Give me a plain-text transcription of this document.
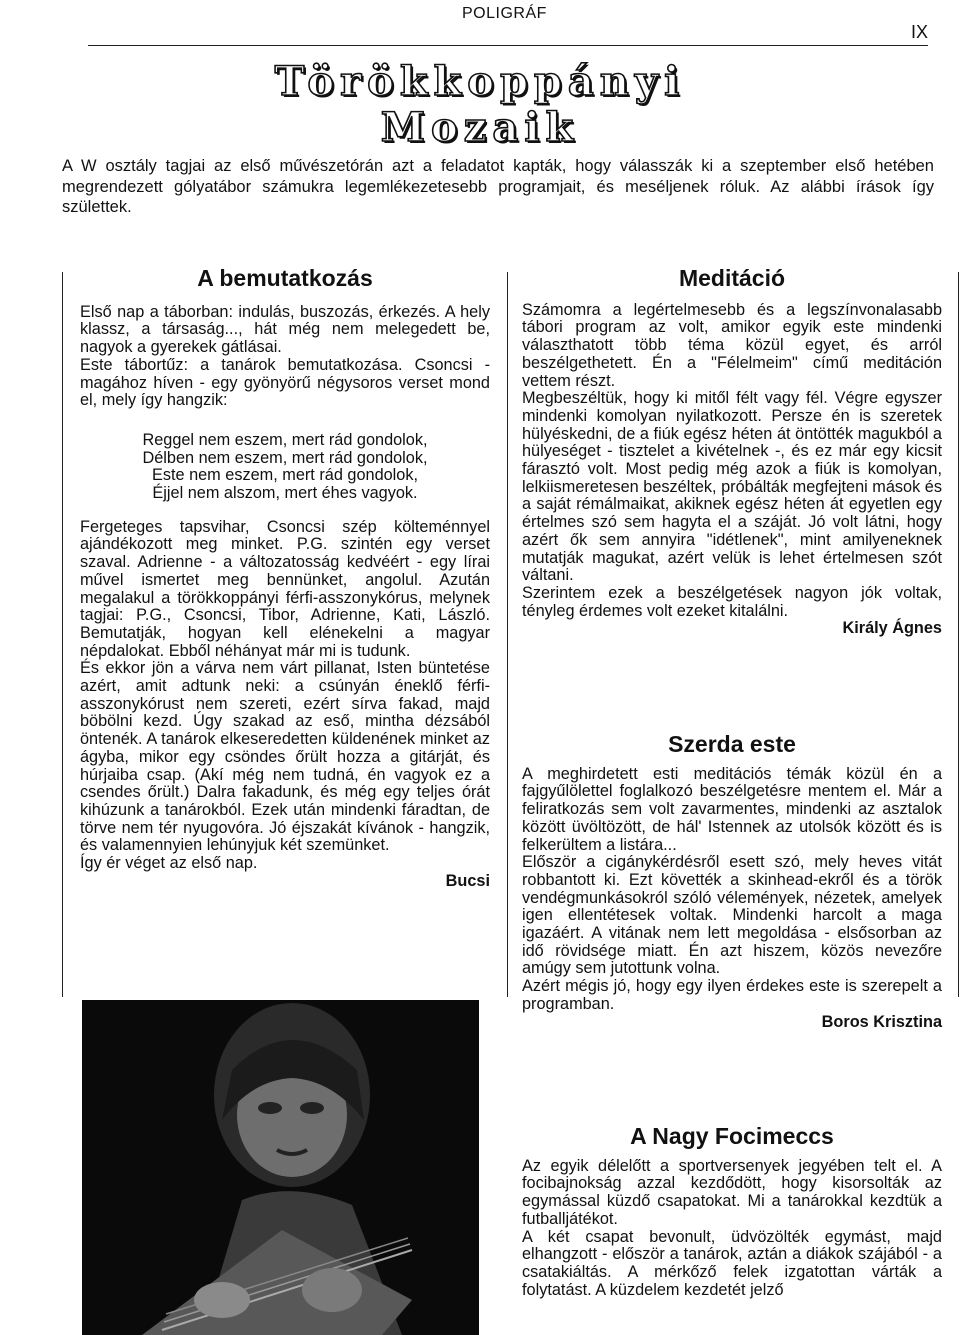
POLIGRÁF
IX
Törökkoppányi
Mozaik
A W osztály tagjai az első művészetórán azt a feladatot kapták, hogy válasszák ki a szeptember első hetében megrendezett gólyatábor számukra legemlékezetesebb programjait, és meséljenek róluk. Az alábbi írások így születtek.
A bemutatkozás

Első nap a táborban: indulás, buszozás, érkezés. A hely klassz, a társaság..., hát még nem melegedett be, nagyok a gyerekek gátlásai.

Este tábortűz: a tanárok bemutatkozása. Csoncsi - magához híven - egy gyönyörű négysoros verset mond el, mely így hangzik:

Reggel nem eszem, mert rád gondolok,

Délben nem eszem, mert rád gondolok,

Este nem eszem, mert rád gondolok,

Éjjel nem alszom, mert éhes vagyok.

Fergeteges tapsvihar, Csoncsi szép költeménnyel ajándékozott meg minket. P.G. szintén egy verset szaval. Adrienne - a változatosság kedvéért - egy lírai művel ismertet meg bennünket, angolul. Azután megalakul a törökkoppányi férfi-asszonykórus, melynek tagjai: P.G., Csoncsi, Tibor, Adrienne, Kati, László. Bemutatják, hogyan kell elénekelni a magyar népdalokat. Ebből néhányat már mi is tudunk.

És ekkor jön a várva nem várt pillanat, Isten büntetése azért, amit adtunk neki: a csúnyán éneklő férfi-asszonykórust nem szereti, ezért sírva fakad, majd böbölni kezd. Úgy szakad az eső, mintha dézsából öntenék. A tanárok elkeseredetten küldenének minket az ágyba, mikor egy csöndes őrült hozza a gitárját, és húrjaiba csap. (Akí még nem tudná, én vagyok ez a csendes őrült.) Dalra fakadunk, és még egy teljes órát kihúzunk a tanárokból. Ezek után mindenki fáradtan, de törve nem tér nyugovóra. Jó éjszakát kívánok - hangzik, és valamennyien lehúnyjuk két szemünket.

Így ér véget az első nap.

Bucsi

Meditáció

Számomra a legértelmesebb és a legszínvonalasabb tábori program az volt, amikor egyik este mindenki választhatott több téma közül egyet, és arról beszélgethetett. Én a "Félelmeim" című meditáción vettem részt.

Megbeszéltük, hogy ki mitől félt vagy fél. Végre egyszer mindenki komolyan nyilatkozott. Persze én is szeretek hülyéskedni, de a fiúk egész héten át öntötték magukból a hülyeséget - tisztelet a kivételnek -, és ez már egy kicsit fárasztó volt. Most pedig még azok a fiúk is komolyan, lelkiismeretesen beszéltek, próbálták megfejteni mások és a saját rémálmaikat, akiknek egész héten át egyetlen egy értelmes szó sem hagyta el a száját. Jó volt látni, hogy azért ők sem annyira "idétlenek", mint amilyeneknek mutatják magukat, azért velük is lehet értelmesen szót váltani.

Szerintem ezek a beszélgetések nagyon jók voltak, tényleg érdemes volt ezeket kitalálni.

Király Ágnes

Szerda este

A meghirdetett esti meditációs témák közül én a fajgyűlölettel foglalkozó beszélgetésre mentem el. Már a feliratkozás sem volt zavarmentes, mindenki az asztalok között üvöltözött, de hál' Istennek az utolsók között és is felkerültem a listára...

Először a cigánykérdésről esett szó, mely heves vitát robbantott ki. Ezt követték a skinhead-ekről és a török vendégmunkásokról szóló vélemények, nézetek, amelyek igen ellentétesek voltak. Mindenki harcolt a maga igazáért. A vitának nem lett megoldása - elsősorban az idő rövidsége miatt. Én azt hiszem, közös nevezőre amúgy sem jutottunk volna.

Azért mégis jó, hogy egy ilyen érdekes este is szerepelt a programban.

Boros Krisztina

A Nagy Focimeccs

Az egyik délelőtt a sportversenyek jegyében telt el. A focibajnokság azzal kezdődött, hogy kisorsolták az egymással küzdő csapatokat. Mi a tanárokkal kezdtük a futballjátékot.

A két csapat bevonult, üdvözölték egymást, majd elhangzott - először a tanárok, aztán a diákok szájából - a csatakiáltás. A mérkőző felek izgatottan várták a folytatást. A küzdelem kezdetét jelző
